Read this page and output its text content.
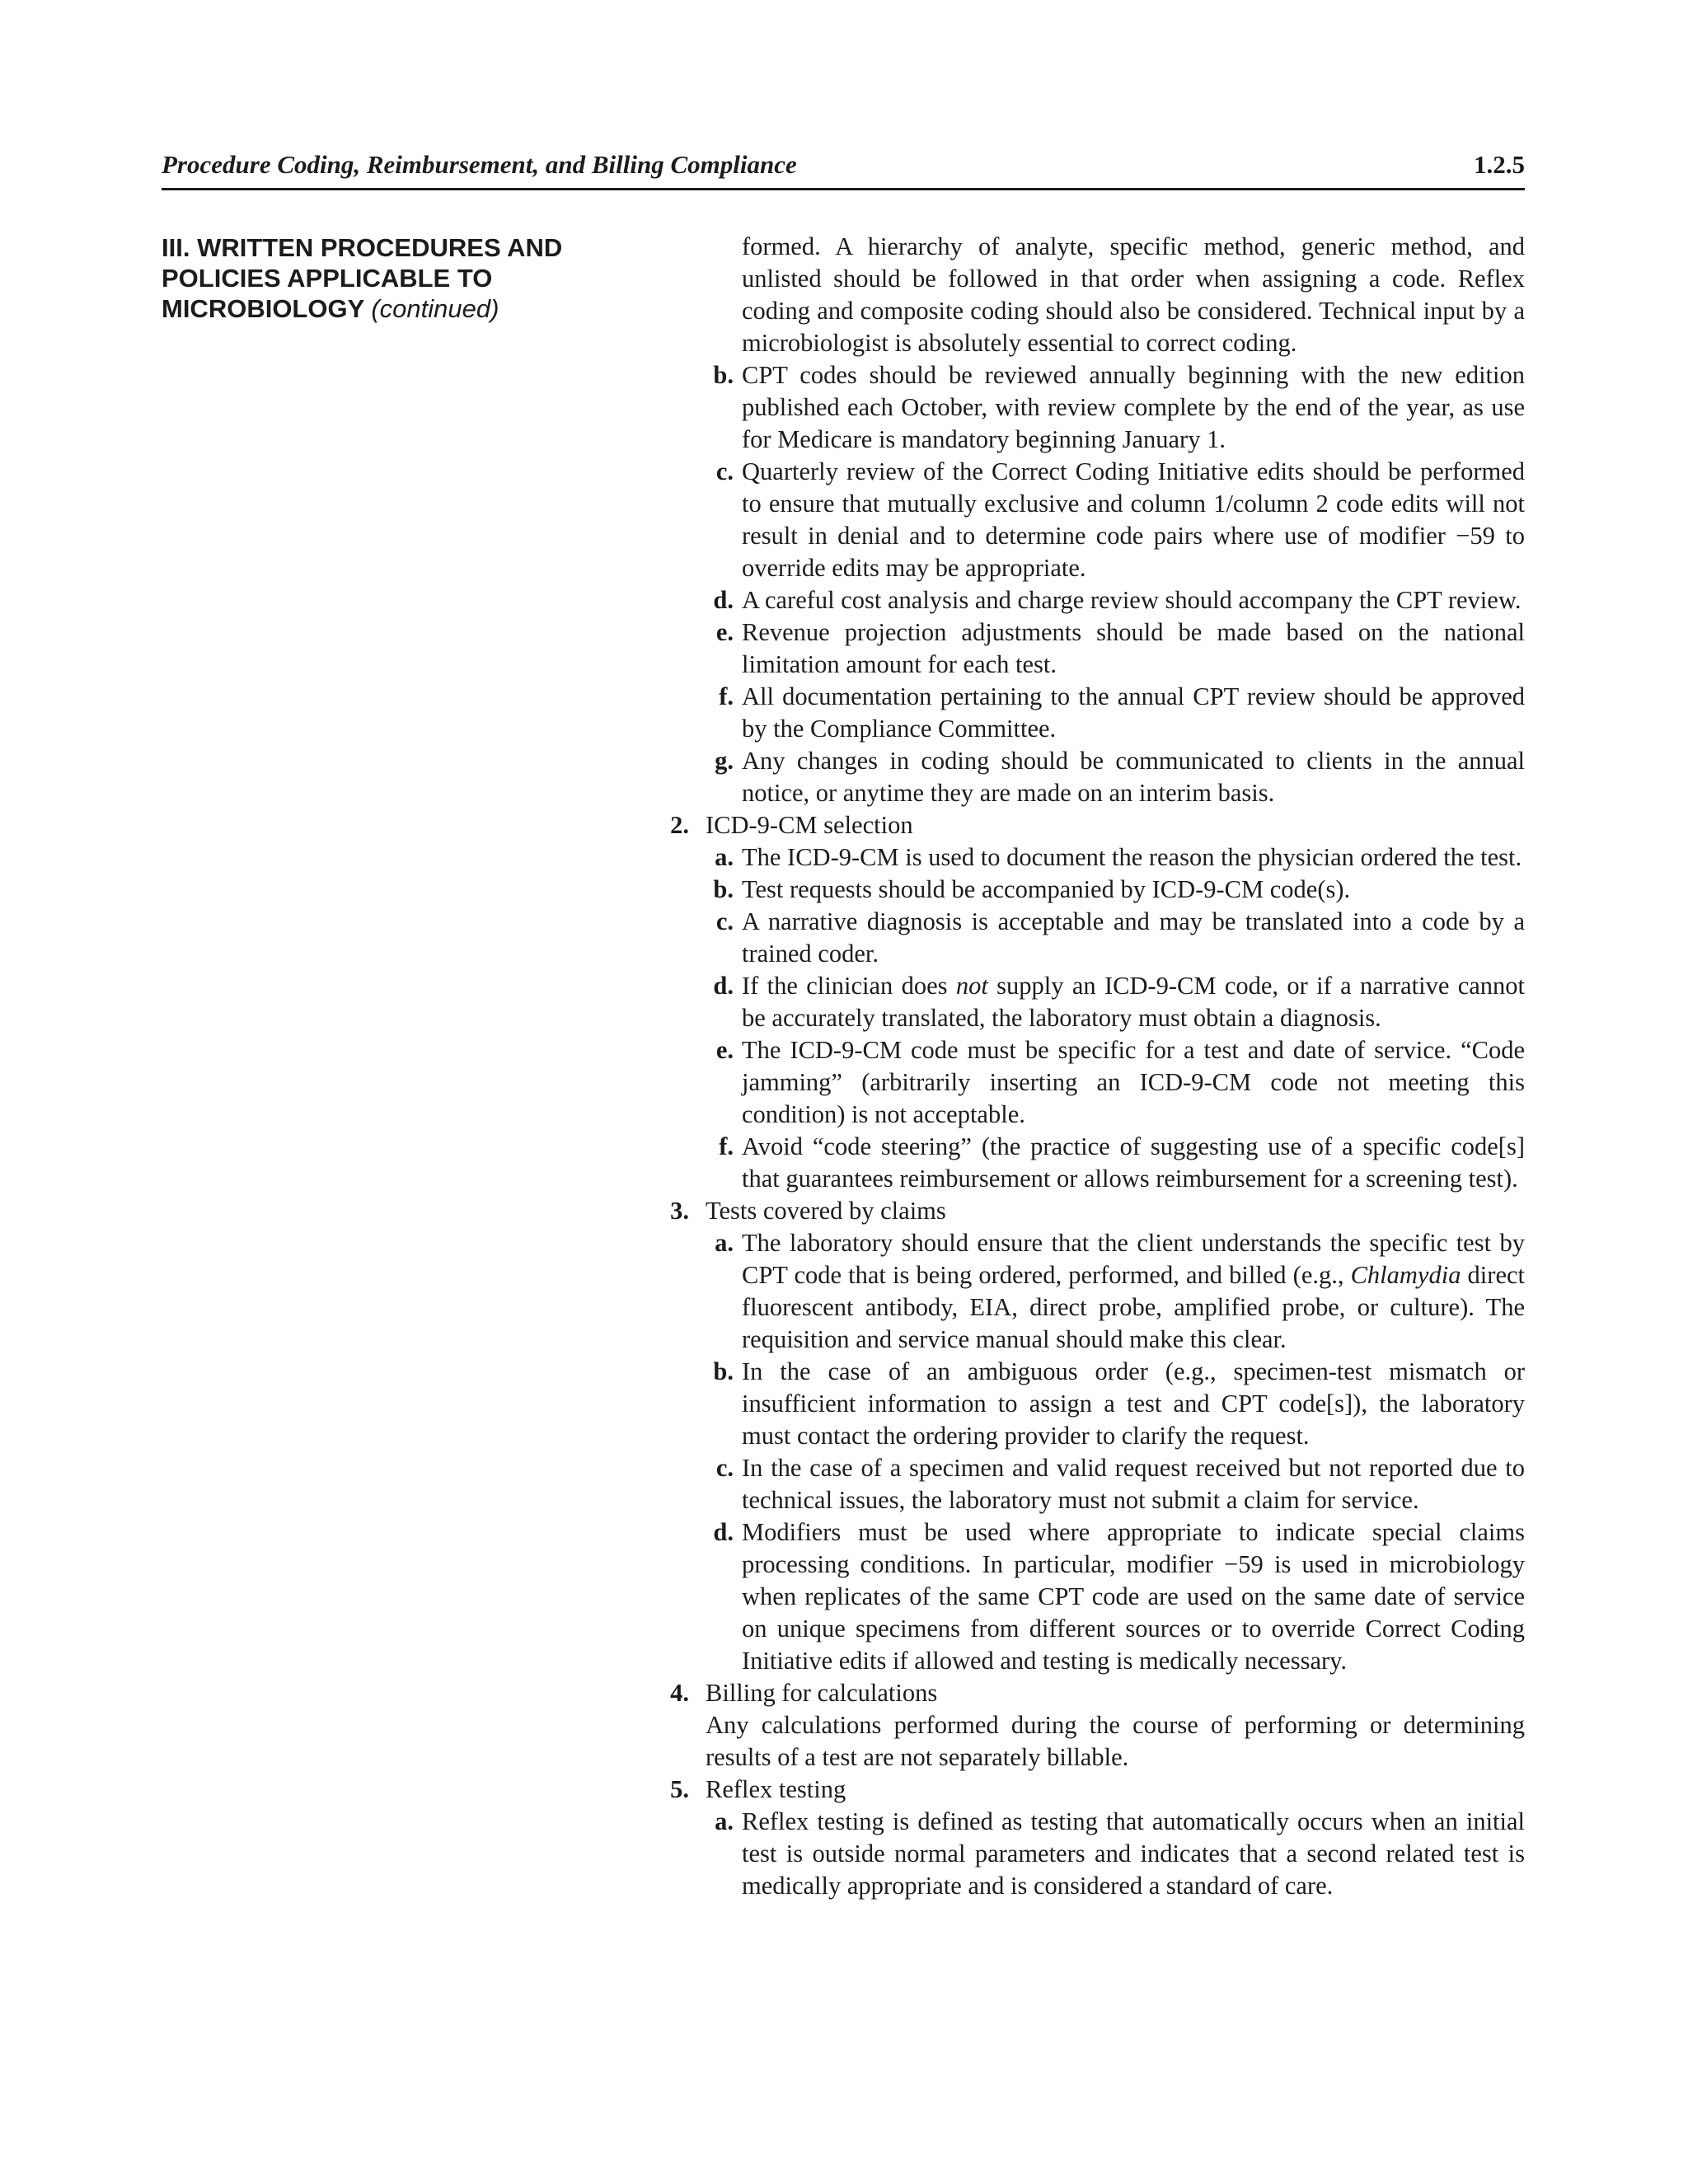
Procedure Coding, Reimbursement, and Billing Compliance	1.2.5
III. WRITTEN PROCEDURES AND POLICIES APPLICABLE TO MICROBIOLOGY (continued)
formed. A hierarchy of analyte, specific method, generic method, and unlisted should be followed in that order when assigning a code. Reflex coding and composite coding should also be considered. Technical input by a microbiologist is absolutely essential to correct coding.
b. CPT codes should be reviewed annually beginning with the new edition published each October, with review complete by the end of the year, as use for Medicare is mandatory beginning January 1.
c. Quarterly review of the Correct Coding Initiative edits should be performed to ensure that mutually exclusive and column 1/column 2 code edits will not result in denial and to determine code pairs where use of modifier −59 to override edits may be appropriate.
d. A careful cost analysis and charge review should accompany the CPT review.
e. Revenue projection adjustments should be made based on the national limitation amount for each test.
f. All documentation pertaining to the annual CPT review should be approved by the Compliance Committee.
g. Any changes in coding should be communicated to clients in the annual notice, or anytime they are made on an interim basis.
2. ICD-9-CM selection
a. The ICD-9-CM is used to document the reason the physician ordered the test.
b. Test requests should be accompanied by ICD-9-CM code(s).
c. A narrative diagnosis is acceptable and may be translated into a code by a trained coder.
d. If the clinician does not supply an ICD-9-CM code, or if a narrative cannot be accurately translated, the laboratory must obtain a diagnosis.
e. The ICD-9-CM code must be specific for a test and date of service. “Code jamming” (arbitrarily inserting an ICD-9-CM code not meeting this condition) is not acceptable.
f. Avoid “code steering” (the practice of suggesting use of a specific code[s] that guarantees reimbursement or allows reimbursement for a screening test).
3. Tests covered by claims
a. The laboratory should ensure that the client understands the specific test by CPT code that is being ordered, performed, and billed (e.g., Chlamydia direct fluorescent antibody, EIA, direct probe, amplified probe, or culture). The requisition and service manual should make this clear.
b. In the case of an ambiguous order (e.g., specimen-test mismatch or insufficient information to assign a test and CPT code[s]), the laboratory must contact the ordering provider to clarify the request.
c. In the case of a specimen and valid request received but not reported due to technical issues, the laboratory must not submit a claim for service.
d. Modifiers must be used where appropriate to indicate special claims processing conditions. In particular, modifier −59 is used in microbiology when replicates of the same CPT code are used on the same date of service on unique specimens from different sources or to override Correct Coding Initiative edits if allowed and testing is medically necessary.
4. Billing for calculations
Any calculations performed during the course of performing or determining results of a test are not separately billable.
5. Reflex testing
a. Reflex testing is defined as testing that automatically occurs when an initial test is outside normal parameters and indicates that a second related test is medically appropriate and is considered a standard of care.
